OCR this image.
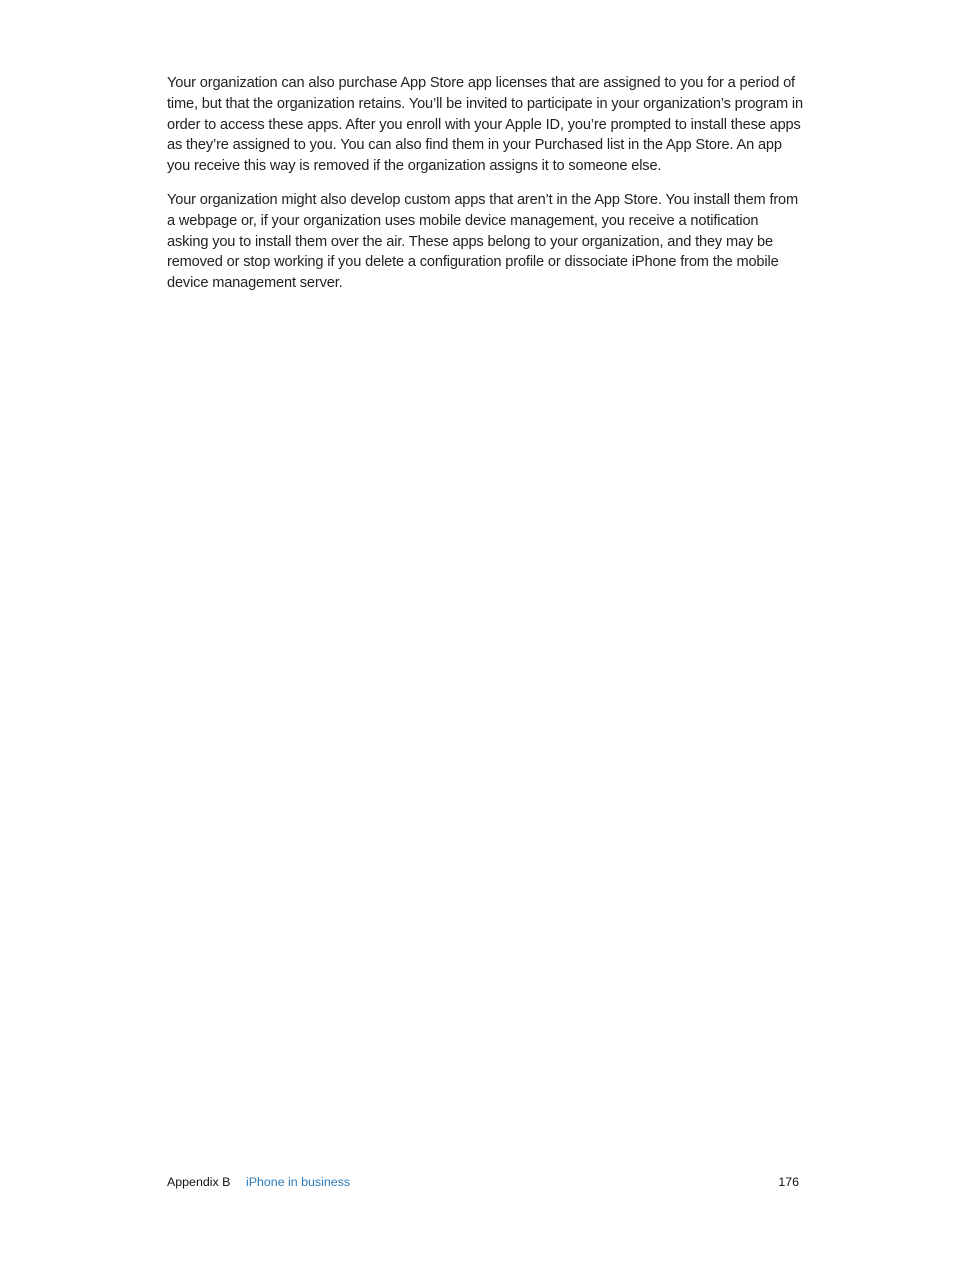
Your organization can also purchase App Store app licenses that are assigned to you for a period of time, but that the organization retains. You’ll be invited to participate in your organization’s program in order to access these apps. After you enroll with your Apple ID, you’re prompted to install these apps as they’re assigned to you. You can also find them in your Purchased list in the App Store. An app you receive this way is removed if the organization assigns it to someone else.

Your organization might also develop custom apps that aren’t in the App Store. You install them from a webpage or, if your organization uses mobile device management, you receive a notification asking you to install them over the air. These apps belong to your organization, and they may be removed or stop working if you delete a configuration profile or dissociate iPhone from the mobile device management server.

Appendix B iPhone in business	176
